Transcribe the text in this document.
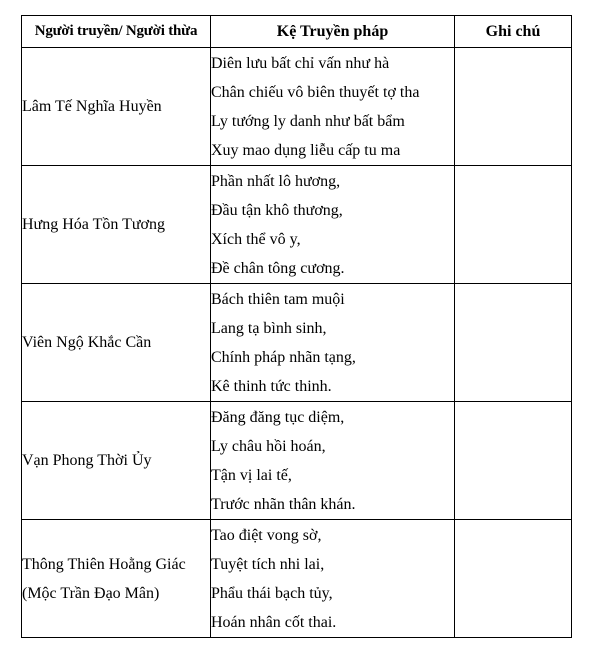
Người truyền/ Người thừa	Kệ Truyền pháp	Ghi chú

Lâm Tế Nghĩa Huyền	Diên lưu bất chỉ vấn như hà
Chân chiếu vô biên thuyết tợ tha
Ly tướng ly danh như bất bẩm
Xuy mao dụng liễu cấp tu ma	

Hưng Hóa Tồn Tương	Phần nhất lô hương,
Đầu tận khô thương,
Xích thể vô y,
Đề chân tông cương.	

Viên Ngộ Khắc Cần	Bách thiên tam muội
Lang tạ bình sinh,
Chính pháp nhãn tạng,
Kê thinh tức thinh.	

Vạn Phong Thời Ủy	Đăng đăng tục diệm,
Ly châu hồi hoán,
Tận vị lai tế,
Trước nhãn thân khán.	

Thông Thiên Hoằng Giác
(Mộc Trần Đạo Mân)	Tao điệt vong sờ,
Tuyệt tích nhi lai,
Phẩu thái bạch tủy,
Hoán nhân cốt thai.	
